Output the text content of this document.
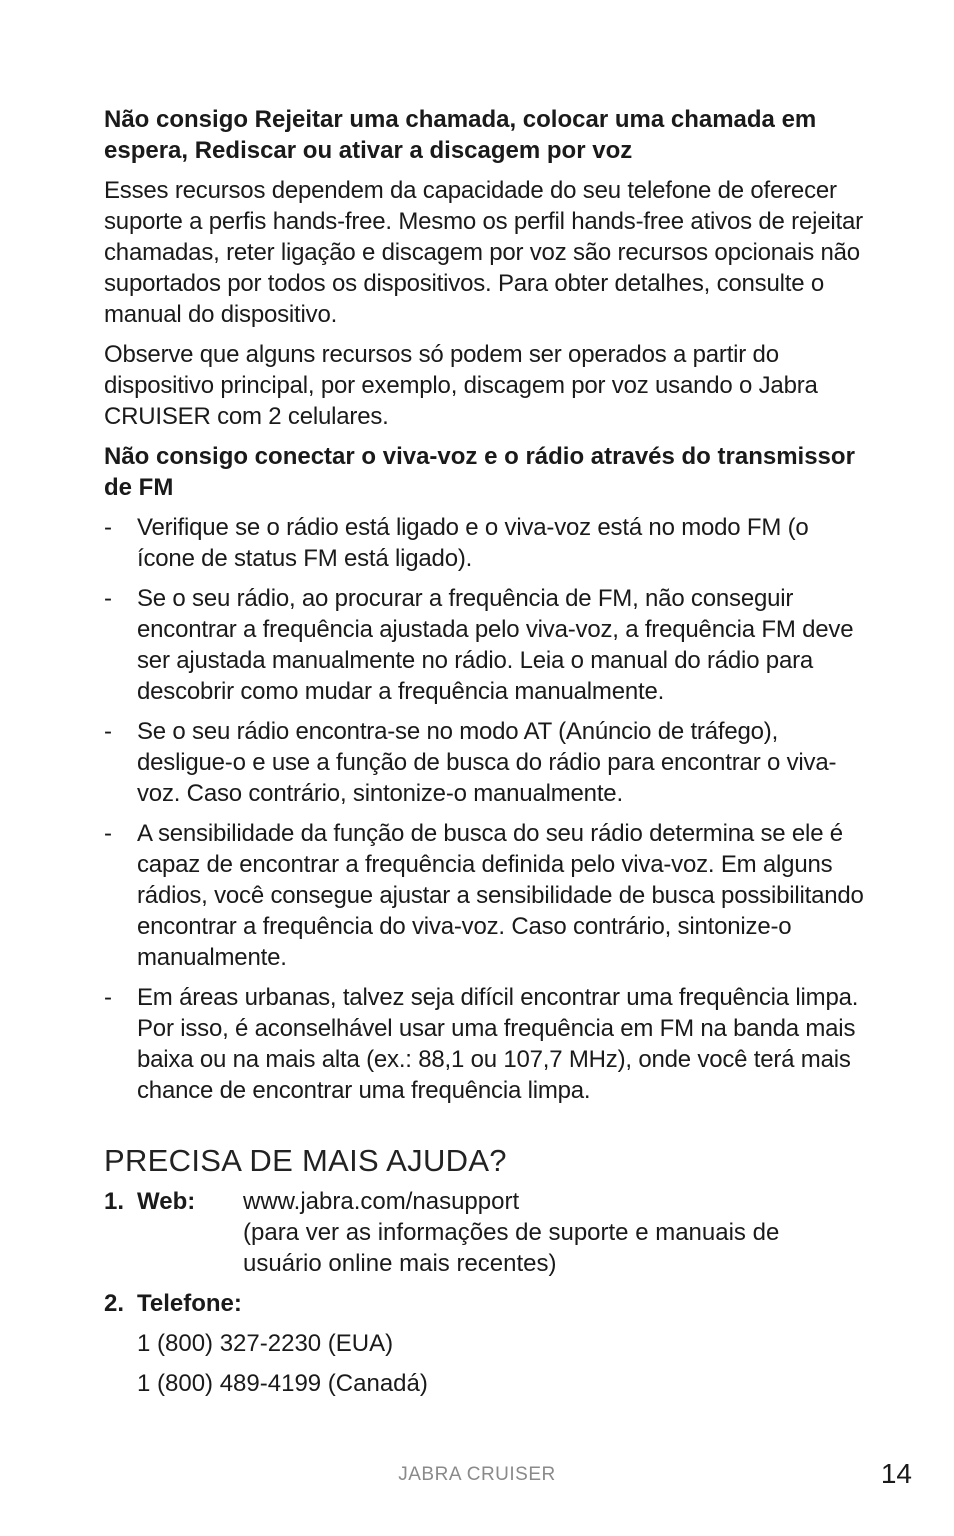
Não consigo Rejeitar uma chamada, colocar uma chamada em espera, Rediscar ou ativar a discagem por voz

Esses recursos dependem da capacidade do seu telefone de oferecer suporte a perfis hands-free. Mesmo os perfil hands-free ativos de rejeitar chamadas, reter ligação e discagem por voz são recursos opcionais não suportados por todos os dispositivos. Para obter detalhes, consulte o manual do dispositivo.

Observe que alguns recursos só podem ser operados a partir do dispositivo principal, por exemplo, discagem por voz usando o Jabra CRUISER com 2 celulares.

Não consigo conectar o viva-voz e o rádio através do transmissor de FM
- Verifique se o rádio está ligado e o viva-voz está no modo FM (o ícone de status FM está ligado).
- Se o seu rádio, ao procurar a frequência de FM, não conseguir encontrar a frequência ajustada pelo viva-voz, a frequência FM deve ser ajustada manualmente no rádio. Leia o manual do rádio para descobrir como mudar a frequência manualmente.
- Se o seu rádio encontra-se no modo AT (Anúncio de tráfego), desligue-o e use a função de busca do rádio para encontrar o viva-voz. Caso contrário, sintonize-o manualmente.
- A sensibilidade da função de busca do seu rádio determina se ele é capaz de encontrar a frequência definida pelo viva-voz. Em alguns rádios, você consegue ajustar a sensibilidade de busca possibilitando encontrar a frequência do viva-voz. Caso contrário, sintonize-o manualmente.
- Em áreas urbanas, talvez seja difícil encontrar uma frequência limpa. Por isso, é aconselhável usar uma frequência em FM na banda mais baixa ou na mais alta (ex.: 88,1 ou 107,7 MHz), onde você terá mais chance de encontrar uma frequência limpa.
PRECISA DE MAIS AJUDA?
1. Web:	www.jabra.com/nasupport
(para ver as informações de suporte e manuais de usuário online mais recentes)
2. Telefone:
1 (800) 327-2230 (EUA)
1 (800) 489-4199 (Canadá)
JABRA CRUISER	14
